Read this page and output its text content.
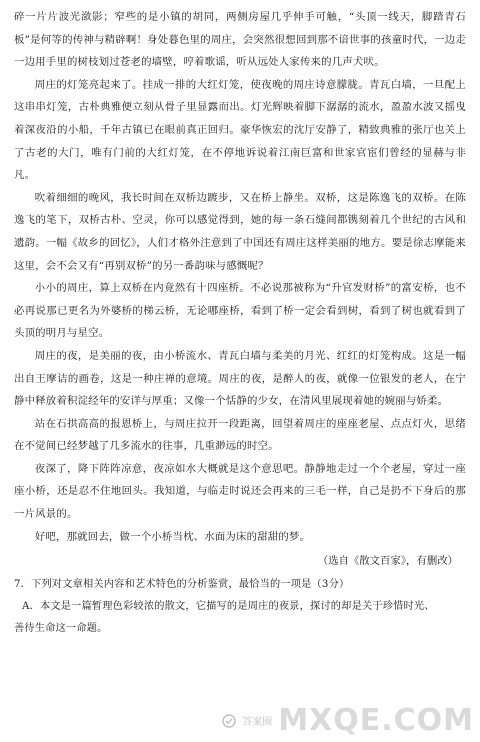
碎一片片波光潋影；窄些的是小镇的胡同，两侧房屋几乎伸手可触，“头顶一线天，脚踏青石板”是何等的传神与精辟啊！身处暮色里的周庄，会突然很想回到那不谙世事的孩童时代，一边走一边用手里的树枝划过苍老的墙壁，哼着歌谣，听从远处人家传来的几声犬吠。

周庄的灯笼亮起来了。挂成一排的大红灯笼，使夜晚的周庄诗意朦胧。青瓦白墙，一旦配上这串串灯笼，古朴典雅便立刻从骨子里显露而出。灯光辉映着脚下潺潺的流水，盈盈水波又摇曳着深夜沿的小船，千年古镇已在眼前真正回归。豪华恢宏的沈厅安静了，精致典雅的张厅也关上了古老的大门，唯有门前的大红灯笼，在不停地诉说着江南巨富和世家官宦们曾经的显赫与非凡。

吹着细细的晚风，我长时间在双桥边踱步，又在桥上静坐。双桥，这是陈逸飞的双桥。在陈逸飞的笔下，双桥古朴、空灵，你可以感觉得到，她的每一条石缝间都镌刻着几个世纪的古风和遗韵。一幅《故乡的回忆》，人们才格外注意到了中国还有周庄这样美丽的地方。要是徐志摩能来这里，会不会又有“再别双桥”的另一番韵味与感慨呢？

小小的周庄，算上双桥在内竟然有十四座桥。不必说那被称为“升官发财桥”的富安桥，也不必再说那已更名为外婆桥的梯云桥，无论哪座桥，看到了桥一定会看到树，看到了树也就看到了头顶的明月与星空。

周庄的夜，是美丽的夜，由小桥流水、青瓦白墙与柔美的月光、红红的灯笼构成。这是一幅出自王摩诘的画卷，这是一种庄禅的意境。周庄的夜，是醉人的夜，就像一位银发的老人，在宁静中释放着积淀经年的安详与厚重；又像一个恬静的少女，在清风里展现着她的婉丽与娇柔。

站在石拱高高的报恩桥上，与周庄拉开一段距离，回望着周庄的座座老屋、点点灯火，思绪在不觉间已经梦越了几多流水的往事，几重渺远的时空。

夜深了，降下阵阵凉意，夜凉如水大概就是这个意思吧。静静地走过一个个老屋，穿过一座座小桥，还是忍不住地回头。我知道，与临走时说还会再来的三毛一样，自己是扔不下身后的那一片风景的。

好吧，那就回去，做一个小桥当枕、水面为床的甜甜的梦。

（选自《散文百家》，有删改）

7．下列对文章相关内容和艺术特色的分析鉴赏，最恰当的一项是（3分）

A．本文是一篇暂理色彩较浓的散文，它描写的是周庄的夜景，探讨的却是关于珍惜时光、

善待生命这一命题。

答案圈 MXQE.COM
